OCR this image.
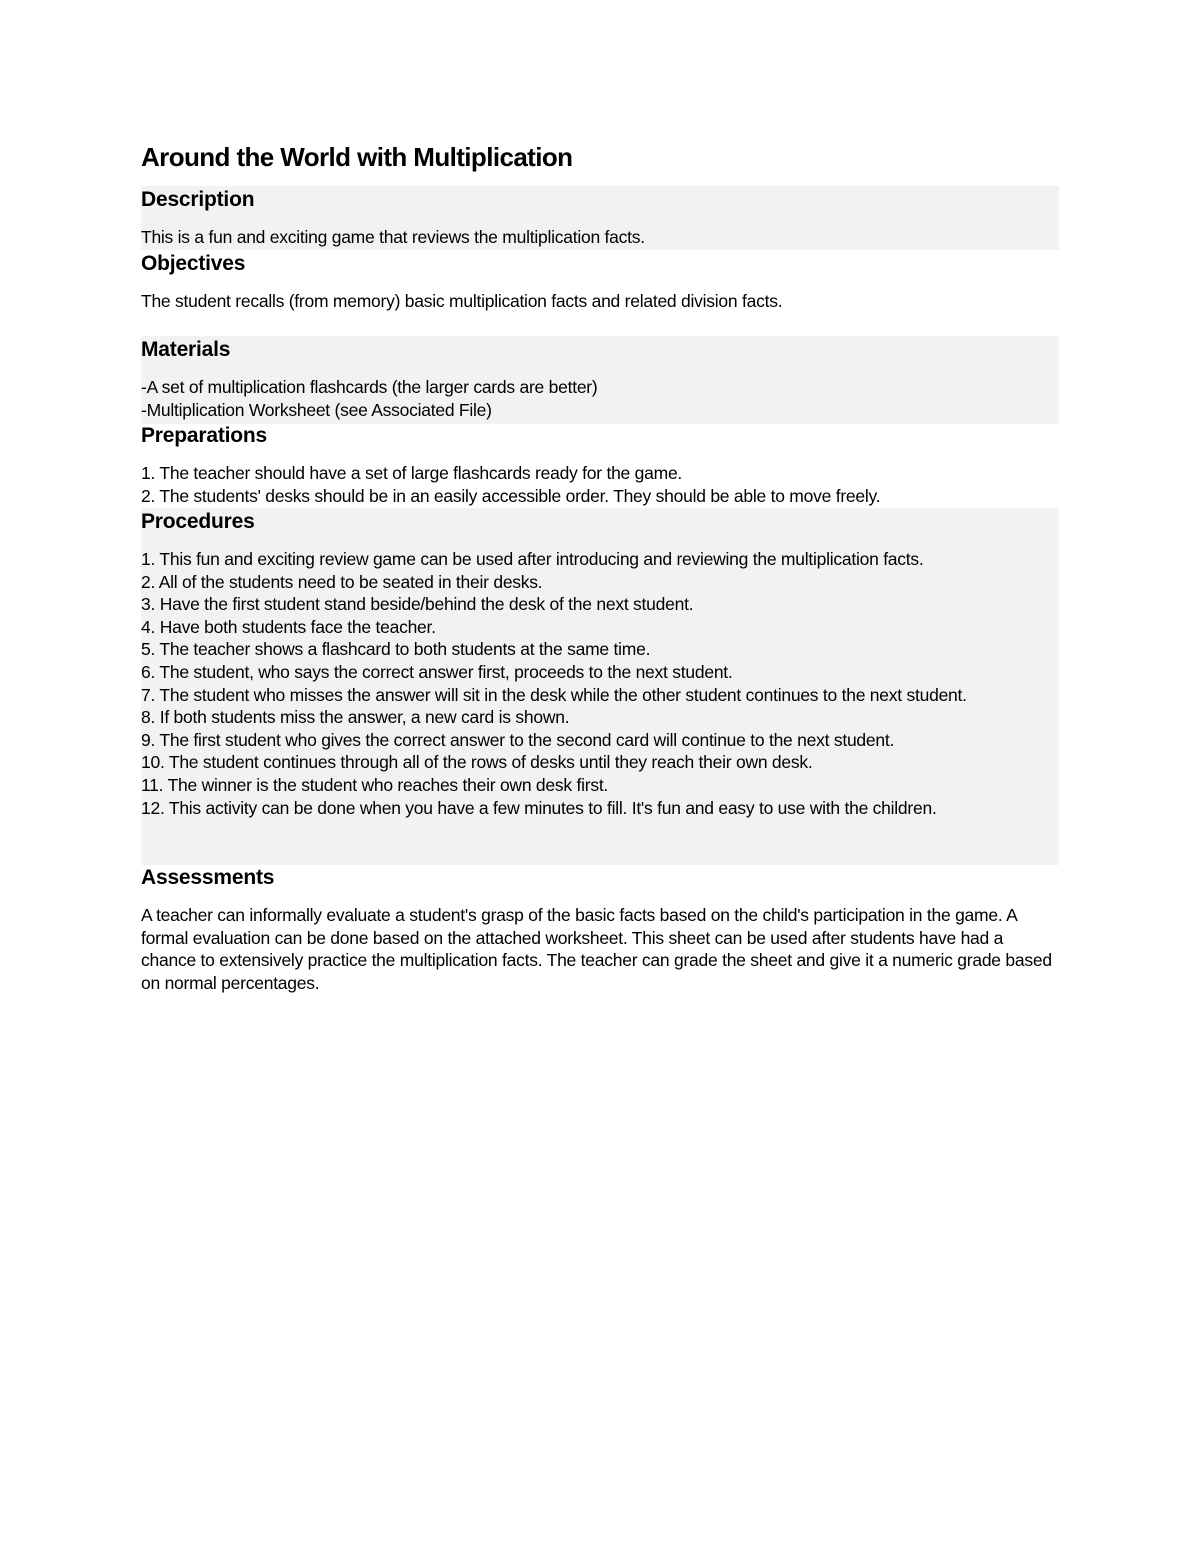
Around the World with Multiplication
Description
This is a fun and exciting game that reviews the multiplication facts.
Objectives
The student recalls (from memory) basic multiplication facts and related division facts.
Materials
-A set of multiplication flashcards (the larger cards are better)
-Multiplication Worksheet (see Associated File)
Preparations
1. The teacher should have a set of large flashcards ready for the game.
2. The students' desks should be in an easily accessible order. They should be able to move freely.
Procedures
1. This fun and exciting review game can be used after introducing and reviewing the multiplication facts.
2. All of the students need to be seated in their desks.
3. Have the first student stand beside/behind the desk of the next student.
4. Have both students face the teacher.
5. The teacher shows a flashcard to both students at the same time.
6. The student, who says the correct answer first, proceeds to the next student.
7. The student who misses the answer will sit in the desk while the other student continues to the next student.
8. If both students miss the answer, a new card is shown.
9. The first student who gives the correct answer to the second card will continue to the next student.
10. The student continues through all of the rows of desks until they reach their own desk.
11. The winner is the student who reaches their own desk first.
12. This activity can be done when you have a few minutes to fill. It's fun and easy to use with the children.
Assessments
A teacher can informally evaluate a student's grasp of the basic facts based on the child's participation in the game. A formal evaluation can be done based on the attached worksheet. This sheet can be used after students have had a chance to extensively practice the multiplication facts. The teacher can grade the sheet and give it a numeric grade based on normal percentages.
